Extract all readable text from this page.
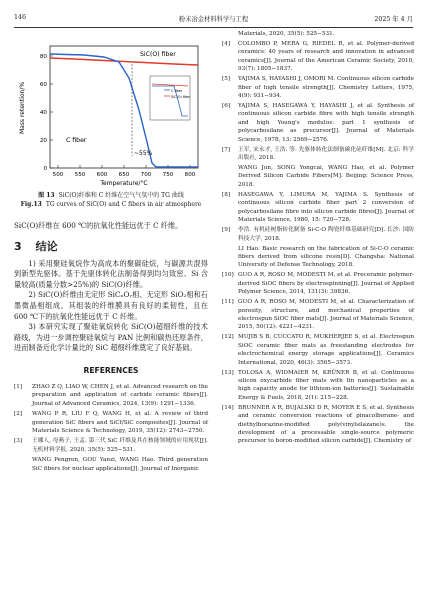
146	粉末冶金材料科学与工程	2025 年 4 月
80
60
40
20
0
500 550 600 650 700 750 800
Mass retention/%
Temperature/°C
~55%
SiC(O) fiber
C fiber
C fiber
SiC(O) fiber
图 13 SiC(O)纤维和 C 纤维在空气气氛中的 TG 曲线
Fig.13 TG curves of SiC(O) and C fibers in air atmosphere

SiC(O)纤维在 600 ℃的抗氧化性能远优于 C 纤维。

3 结论

1) 采用聚硅氧烷作为高成本的聚碳硅烷，与碳源共混得到新型先驱体。基于先驱体转化法制备得到均匀致密、Si 含量较高(质量分数>25%)的 SiC(O)纤维。

2) SiC(O)纤维由无定形 SiCₓOᵧ相、无定形 SiO₂相和石墨微晶相组成。其组装的纤维膜具有良好的柔韧性，且在 600 ℃下的抗氧化性能远优于 C 纤维。

3) 本研究实现了聚硅氧烷转化 SiC(O)超细纤维的技术路线，为进一步调控聚硅氧烷与 PAN 比例和碳热还原条件，进而制备近化学计量比的 SiC 超细纤维奠定了良好基础。

REFERENCES
[1]	ZHAO Z Q, LIAO W, CHEN J, et al. Advanced research on the preparation and application of carbide ceramic fibers[J]. Journal of Advanced Ceramics, 2024, 13(9): 1291−1336.
[2]	WANG P R, LIU F Q, WANG H, et al. A review of third generation SiC fibers and SiCf/SiC composites[J]. Journal of Materials Science & Technology, 2019, 35(12): 2743−2750.
[3]	王娜人, 母燕子, 王孟. 第三代 SiC 纤维及其在核能领域的应用现状[J]. 无机材料学报, 2020, 35(5): 525−531.
WANG Pengren, GOU Yanzi, WANG Hao. Third generation SiC fibers for nuclear applications[J]. Journal of Inorganic
Materials, 2020, 35(5): 525−531.
[4]	COLOMBO P, MERA G, RIEDEL R, et al. Polymer-derived ceramics: 40 years of research and innovation in advanced ceramics[J]. Journal of the American Ceramic Society, 2010, 93(7): 1805−1837.
[5]	YAJIMA S, HAYASHI J, OMORI M. Continuous silicon carbide fiber of high tensile strength[J]. Chemistry Letters, 1975, 4(9): 931−934.
[6]	YAJIMA S, HASEGAWA Y, HAYASHI J, et al. Synthesis of continuous silicon carbide fibre with high tensile strength and high Young's modulus: part 1 synthesis of polycarbosilane as precursor[J]. Journal of Materials Science, 1978, 13: 2569−2576.
[7]	王军, 宋永才, 王浩. 等. 先驱体转化法制备碳化硅纤维[M]. 北京: 科学出版社, 2018.
WANG Jun, SONG Yongcai, WANG Hao, et al. Polymer Derived Silicon Carbide Fibers[M]. Beijing: Science Press, 2018.
[8]	HASEGAWA Y, LIMURA M, YAJIMA S. Synthesis of continuous silicon carbide fiber part 2 conversion of polycarbosilane fibre into silicon carbide fibres[J]. Journal of Materials Science, 1980, 15: 720−728.
[9]	李浩. 有机硅树脂转化制备 Si-C-O 陶瓷纤维基础研究[D]. 长沙: 国防科技大学, 2018.
LI Hao. Basic research on the fabrication of Si-C-O ceramic fibers derived from silicone resin[D]. Changsha: National University of Defense Technology, 2018.
[10] GUO A R, ROSO M, MODESTI M, et al. Preceramic polymer-derived SiOC fibers by electrospinning[J]. Journal of Applied Polymer Science, 2014, 131(3): 39836.
[11] GUO A R, ROSO M, MODESTI M, et al. Characterization of porosity, structure, and mechanical properties of electrospun SiOC fiber mats[J]. Journal of Materials Science, 2015, 50(12): 4221−4231.
[12] MUJIB S B, CUCCATO R, MUKHERJEE S, et al. Electrospun SiOC ceramic fiber mats as freestanding electrodes for electrochemical energy storage applications[J]. Ceramics International, 2020, 46(3): 3565−3573.
[13] TOLOSA A, WIDMAIER M, KRÜNER B, et al. Continuous silicon oxycarbide fiber mats with tin nanoparticles as a high capacity anode for lithium-ion batteries[J]. Sustainable Energy & Fuels, 2018, 2(1): 215−228.
[14] BRUNNER A R, BUJALSKI D R, MOYER E S, et al. Synthesis and ceramic conversion reactions of pinacolborane- and diethylborazine-modified poly(vinylsilazane)s. the development of a processable single-source polymeric precursor to boron-modified silicon carbide[J]. Chemistry of
